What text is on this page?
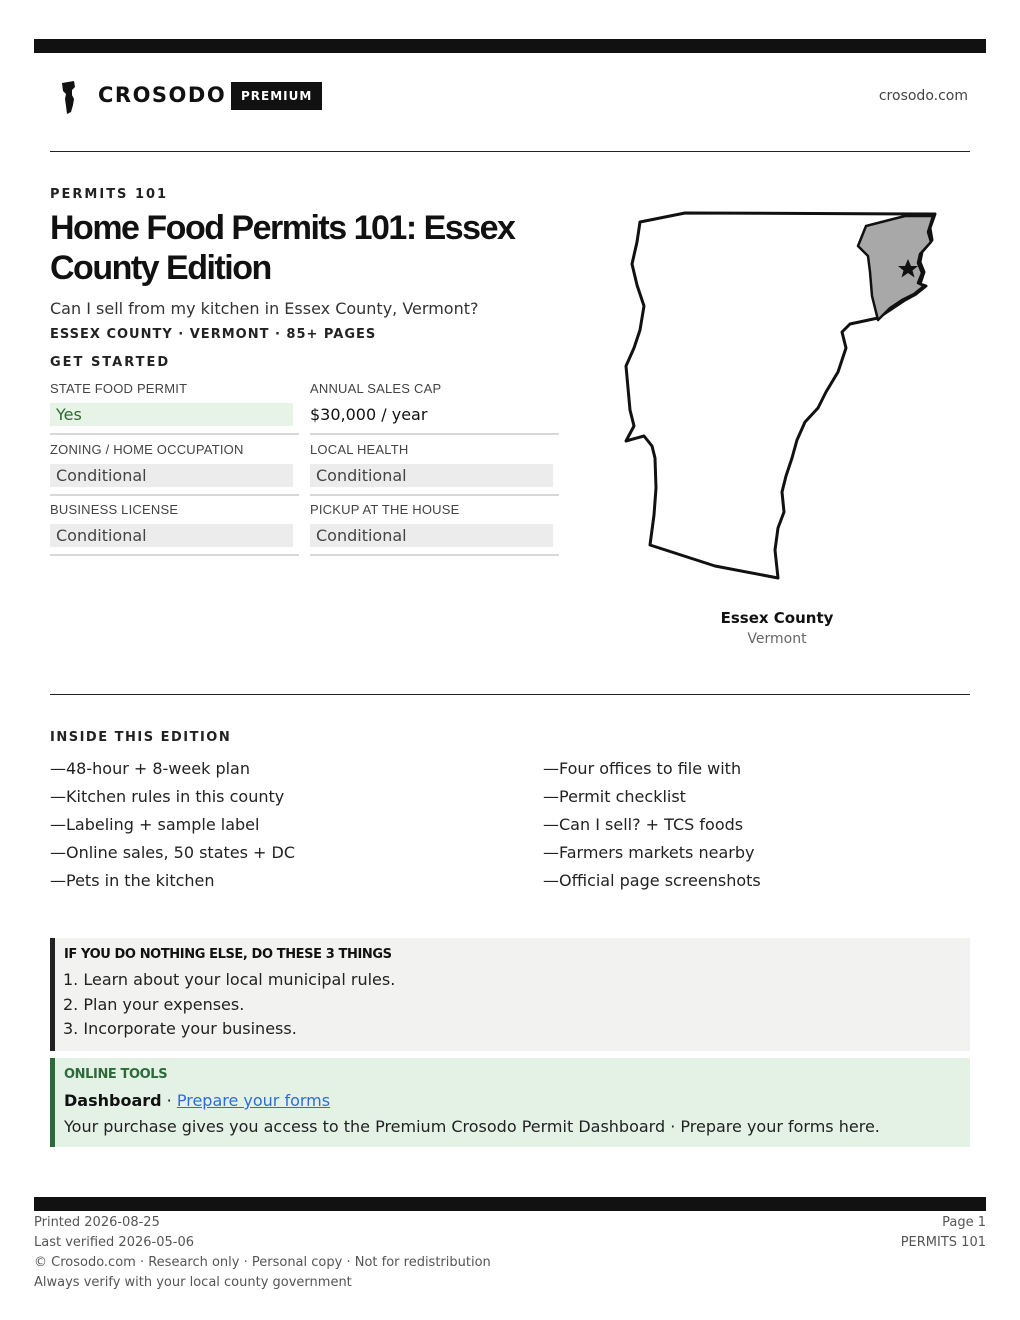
CROSODO	PREMIUM	crosodo.com
PERMITS 101
Home Food Permits 101: Essex County Edition
Can I sell from my kitchen in Essex County, Vermont?
ESSEX COUNTY · VERMONT · 85+ PAGES
GET STARTED
STATE FOOD PERMIT
Yes
ANNUAL SALES CAP
$30,000 / year
ZONING / HOME OCCUPATION
Conditional
LOCAL HEALTH
Conditional
BUSINESS LICENSE
Conditional
PICKUP AT THE HOUSE
Conditional
Essex County
Vermont
INSIDE THIS EDITION
—48-hour + 8-week plan
—Kitchen rules in this county
—Labeling + sample label
—Online sales, 50 states + DC
—Pets in the kitchen
—Four offices to file with
—Permit checklist
—Can I sell? + TCS foods
—Farmers markets nearby
—Official page screenshots
IF YOU DO NOTHING ELSE, DO THESE 3 THINGS
1. Learn about your local municipal rules.
2. Plan your expenses.
3. Incorporate your business.
ONLINE TOOLS
Dashboard · Prepare your forms
Your purchase gives you access to the Premium Crosodo Permit Dashboard · Prepare your forms here.
Printed 2026-08-25
Last verified 2026-05-06
© Crosodo.com · Research only · Personal copy · Not for redistribution
Always verify with your local county government
Page 1
PERMITS 101
